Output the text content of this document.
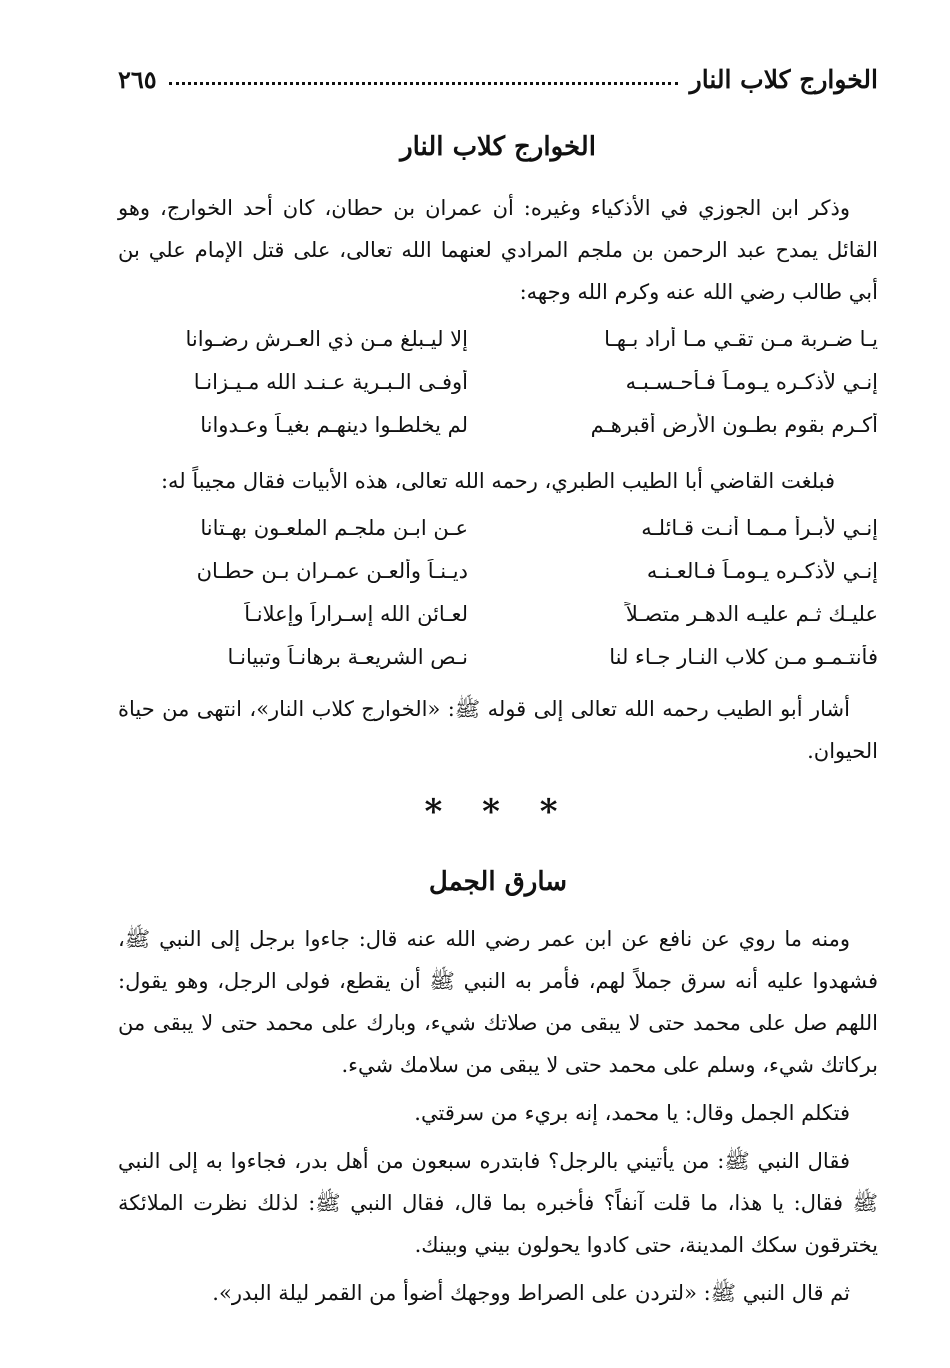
الخوارج كلاب النار
٢٦٥
الخوارج كلاب النار

وذكر ابن الجوزي في الأذكياء وغيره: أن عمران بن حطان، كان أحد الخوارج، وهو القائل يمدح عبد الرحمن بن ملجم المرادي لعنهما الله تعالى، على قتل الإمام علي بن أبي طالب رضي الله عنه وكرم الله وجهه:

يـا ضـربة مـن تقـي مـا أراد بـهـا
إلا ليـبلغ مـن ذي العـرش رضـوانا
إنـي لأذكـره يـومـاً فـأحـسـبـه
أوفـى الـبـرية عـنـد الله مـيـزانـا
أكـرم بقوم بطـون الأرض أقبرهـم
لم يخلطـوا دينهـم بغيـاً وعـدوانا

فبلغت القاضي أبا الطيب الطبري، رحمه الله تعالى، هذه الأبيات فقال مجيباً له:

إنـي لأبـرأ مـمـا أنـت قـائلـه
عـن ابـن ملجـم الملعـون بهـتانا
إنـي لأذكـره يـومـاً فـالعـنـه
ديـنـاً وألعـن عمـران بـن حطـان
عليـك ثـم عليـه الدهـر متصـلاً
لعـائن الله إسـراراً وإعلانـاً
فأنتـمـو مـن كلاب النـار جـاء لنا
نـص الشريعـة برهانـاً وتبيانـا

أشار أبو الطيب رحمه الله تعالى إلى قوله ﷺ: «الخوارج كلاب النار»، انتهى من حياة الحيوان.

* * *
سارق الجمل

ومنه ما روي عن نافع عن ابن عمر رضي الله عنه قال: جاءوا برجل إلى النبي ﷺ، فشهدوا عليه أنه سرق جملاً لهم، فأمر به النبي ﷺ أن يقطع، فولى الرجل، وهو يقول: اللهم صل على محمد حتى لا يبقى من صلاتك شيء، وبارك على محمد حتى لا يبقى من بركاتك شيء، وسلم على محمد حتى لا يبقى من سلامك شيء.

فتكلم الجمل وقال: يا محمد، إنه بريء من سرقتي.

فقال النبي ﷺ: من يأتيني بالرجل؟ فابتدره سبعون من أهل بدر، فجاءوا به إلى النبي ﷺ فقال: يا هذا، ما قلت آنفاً؟ فأخبره بما قال، فقال النبي ﷺ: لذلك نظرت الملائكة يخترقون سكك المدينة، حتى كادوا يحولون بيني وبينك.

ثم قال النبي ﷺ: «لتردن على الصراط ووجهك أضوأ من القمر ليلة البدر».
